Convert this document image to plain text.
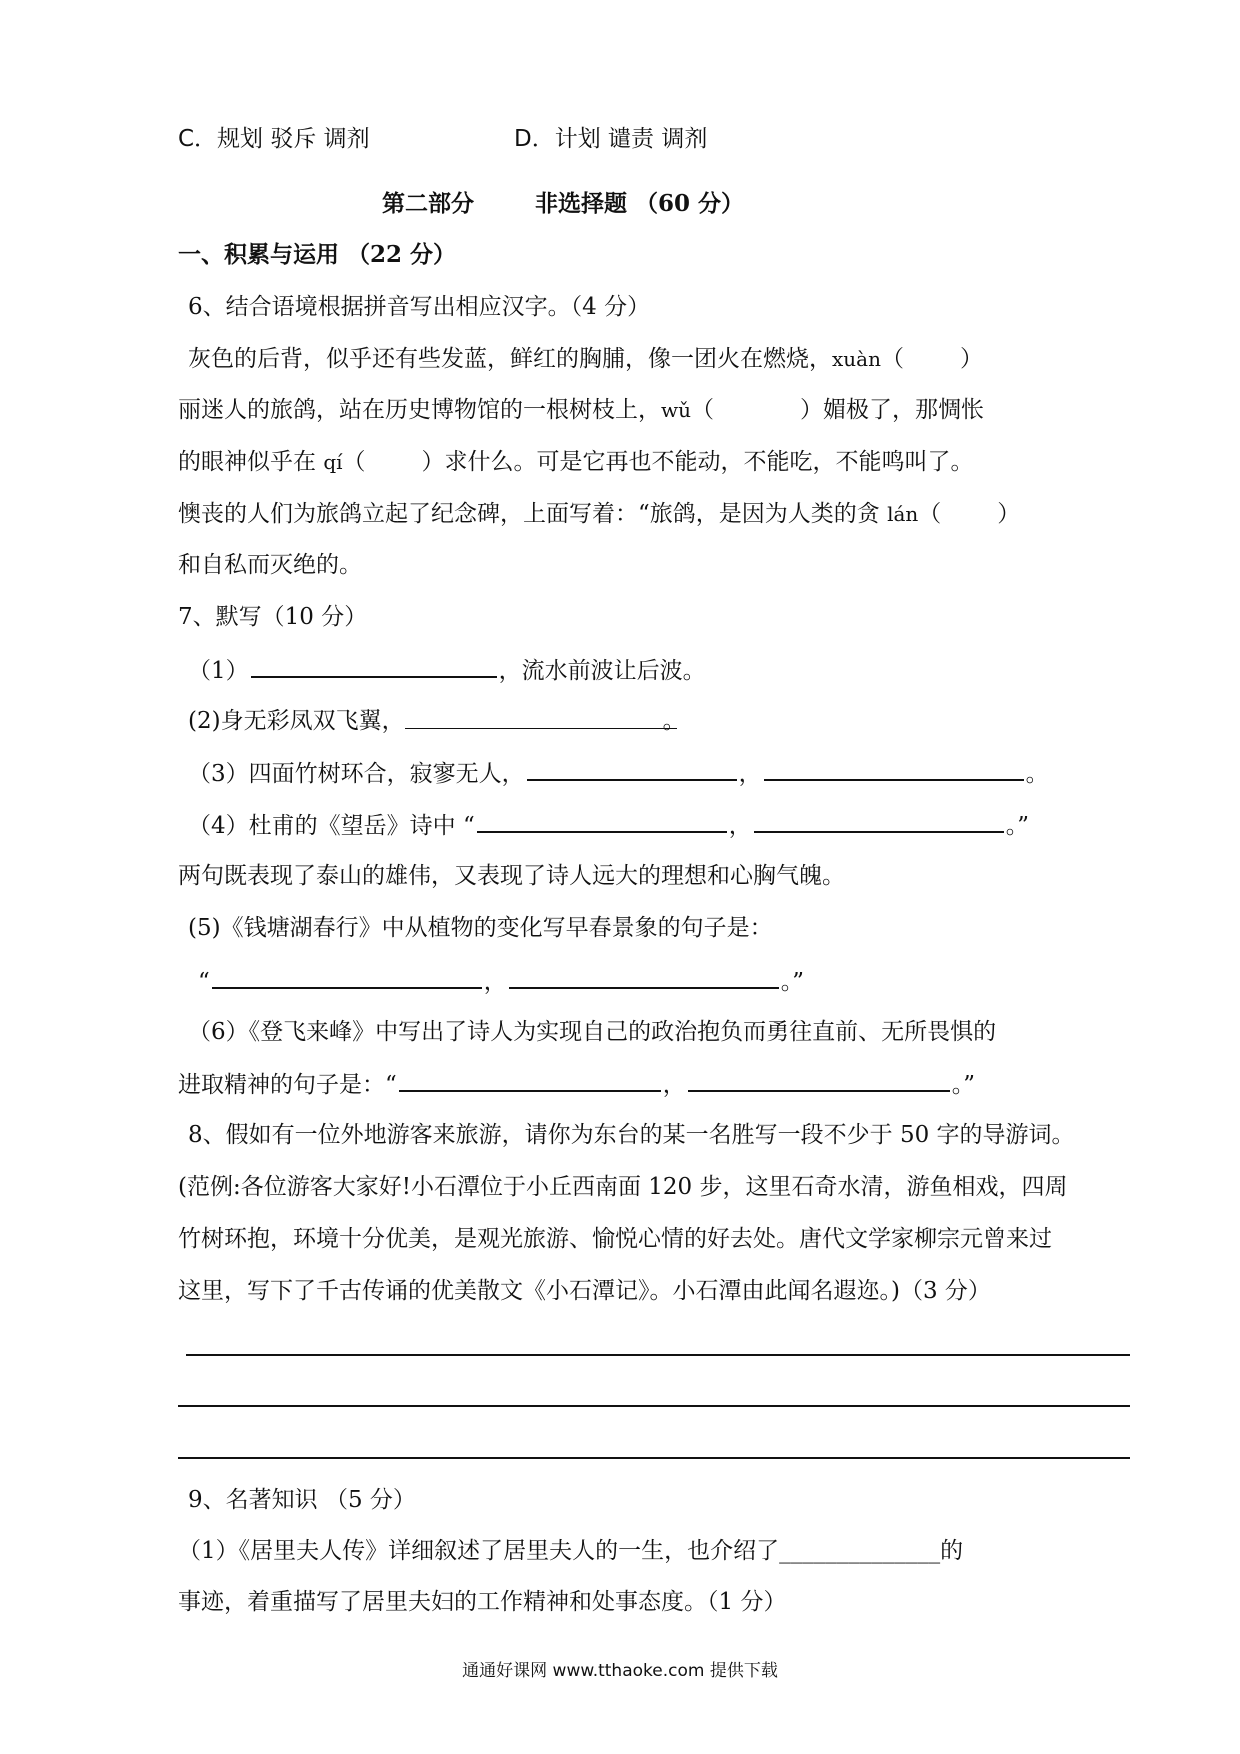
C．规划 驳斥 调剂	D．计划 谴责 调剂
第二部分	非选择题 （60 分）
一、积累与运用 （22 分）
6、结合语境根据拼音写出相应汉字。（4 分）
灰色的后背，似乎还有些发蓝，鲜红的胸脯，像一团火在燃烧，xuàn（ ）
丽迷人的旅鸽，站在历史博物馆的一根树枝上，wǔ（	）媚极了，那惆怅
的眼神似乎在 qí（ ）求什么。可是它再也不能动，不能吃，不能鸣叫了。
懊丧的人们为旅鸽立起了纪念碑，上面写着：“旅鸽，是因为人类的贪 lán（ ）
和自私而灭绝的。
7、默写（10 分）
（1）	，流水前波让后波。
(2)身无彩凤双飞翼，	。
（3）四面竹树环合，寂寥无人，	，	。
（4）杜甫的《望岳》诗中 “	，	。”
两句既表现了泰山的雄伟，又表现了诗人远大的理想和心胸气魄。
(5)《钱塘湖春行》中从植物的变化写早春景象的句子是：
“	，	。”
（6）《登飞来峰》中写出了诗人为实现自己的政治抱负而勇往直前、无所畏惧的
进取精神的句子是：“	，	。”
8、假如有一位外地游客来旅游，请你为东台的某一名胜写一段不少于 50 字的导游词。
(范例:各位游客大家好!小石潭位于小丘西南面 120 步，这里石奇水清，游鱼相戏，四周
竹树环抱，环境十分优美，是观光旅游、愉悦心情的好去处。唐代文学家柳宗元曾来过
这里，写下了千古传诵的优美散文《小石潭记》。小石潭由此闻名遐迩。)（3 分）
9、名著知识 （5 分）
（1）《居里夫人传》详细叙述了居里夫人的一生，也介绍了______________的
事迹，着重描写了居里夫妇的工作精神和处事态度。（1 分）
通通好课网 www.tthaoke.com 提供下载
